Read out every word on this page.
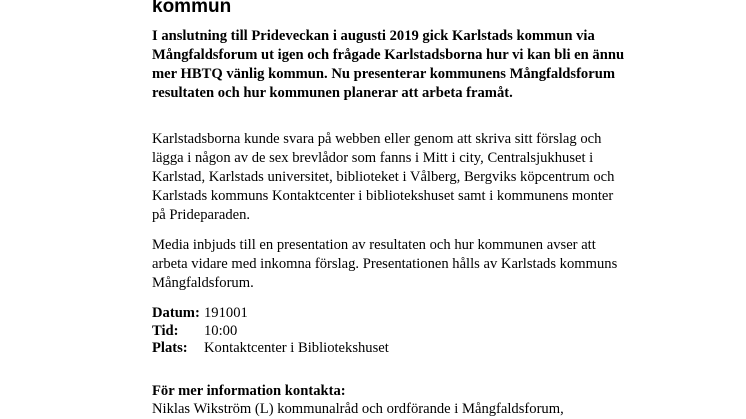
kommun

I anslutning till Prideveckan i augusti 2019 gick Karlstads kommun via Mångfaldsforum ut igen och frågade Karlstadsborna hur vi kan bli en ännu mer HBTQ vänlig kommun. Nu presenterar kommunens Mångfaldsforum resultaten och hur kommunen planerar att arbeta framåt.

Karlstadsborna kunde svara på webben eller genom att skriva sitt förslag och lägga i någon av de sex brevlådor som fanns i Mitt i city, Centralsjukhuset i Karlstad, Karlstads universitet, biblioteket i Vålberg, Bergviks köpcentrum och Karlstads kommuns Kontaktcenter i bibliotekshuset samt i kommunens monter på Prideparaden.

Media inbjuds till en presentation av resultaten och hur kommunen avser att arbeta vidare med inkomna förslag. Presentationen hålls av Karlstads kommuns Mångfaldsforum.

Datum: 191001
Tid: 10:00
Plats: Kontaktcenter i Bibliotekshuset

För mer information kontakta:

Niklas Wikström (L) kommunalråd och ordförande i Mångfaldsforum,
